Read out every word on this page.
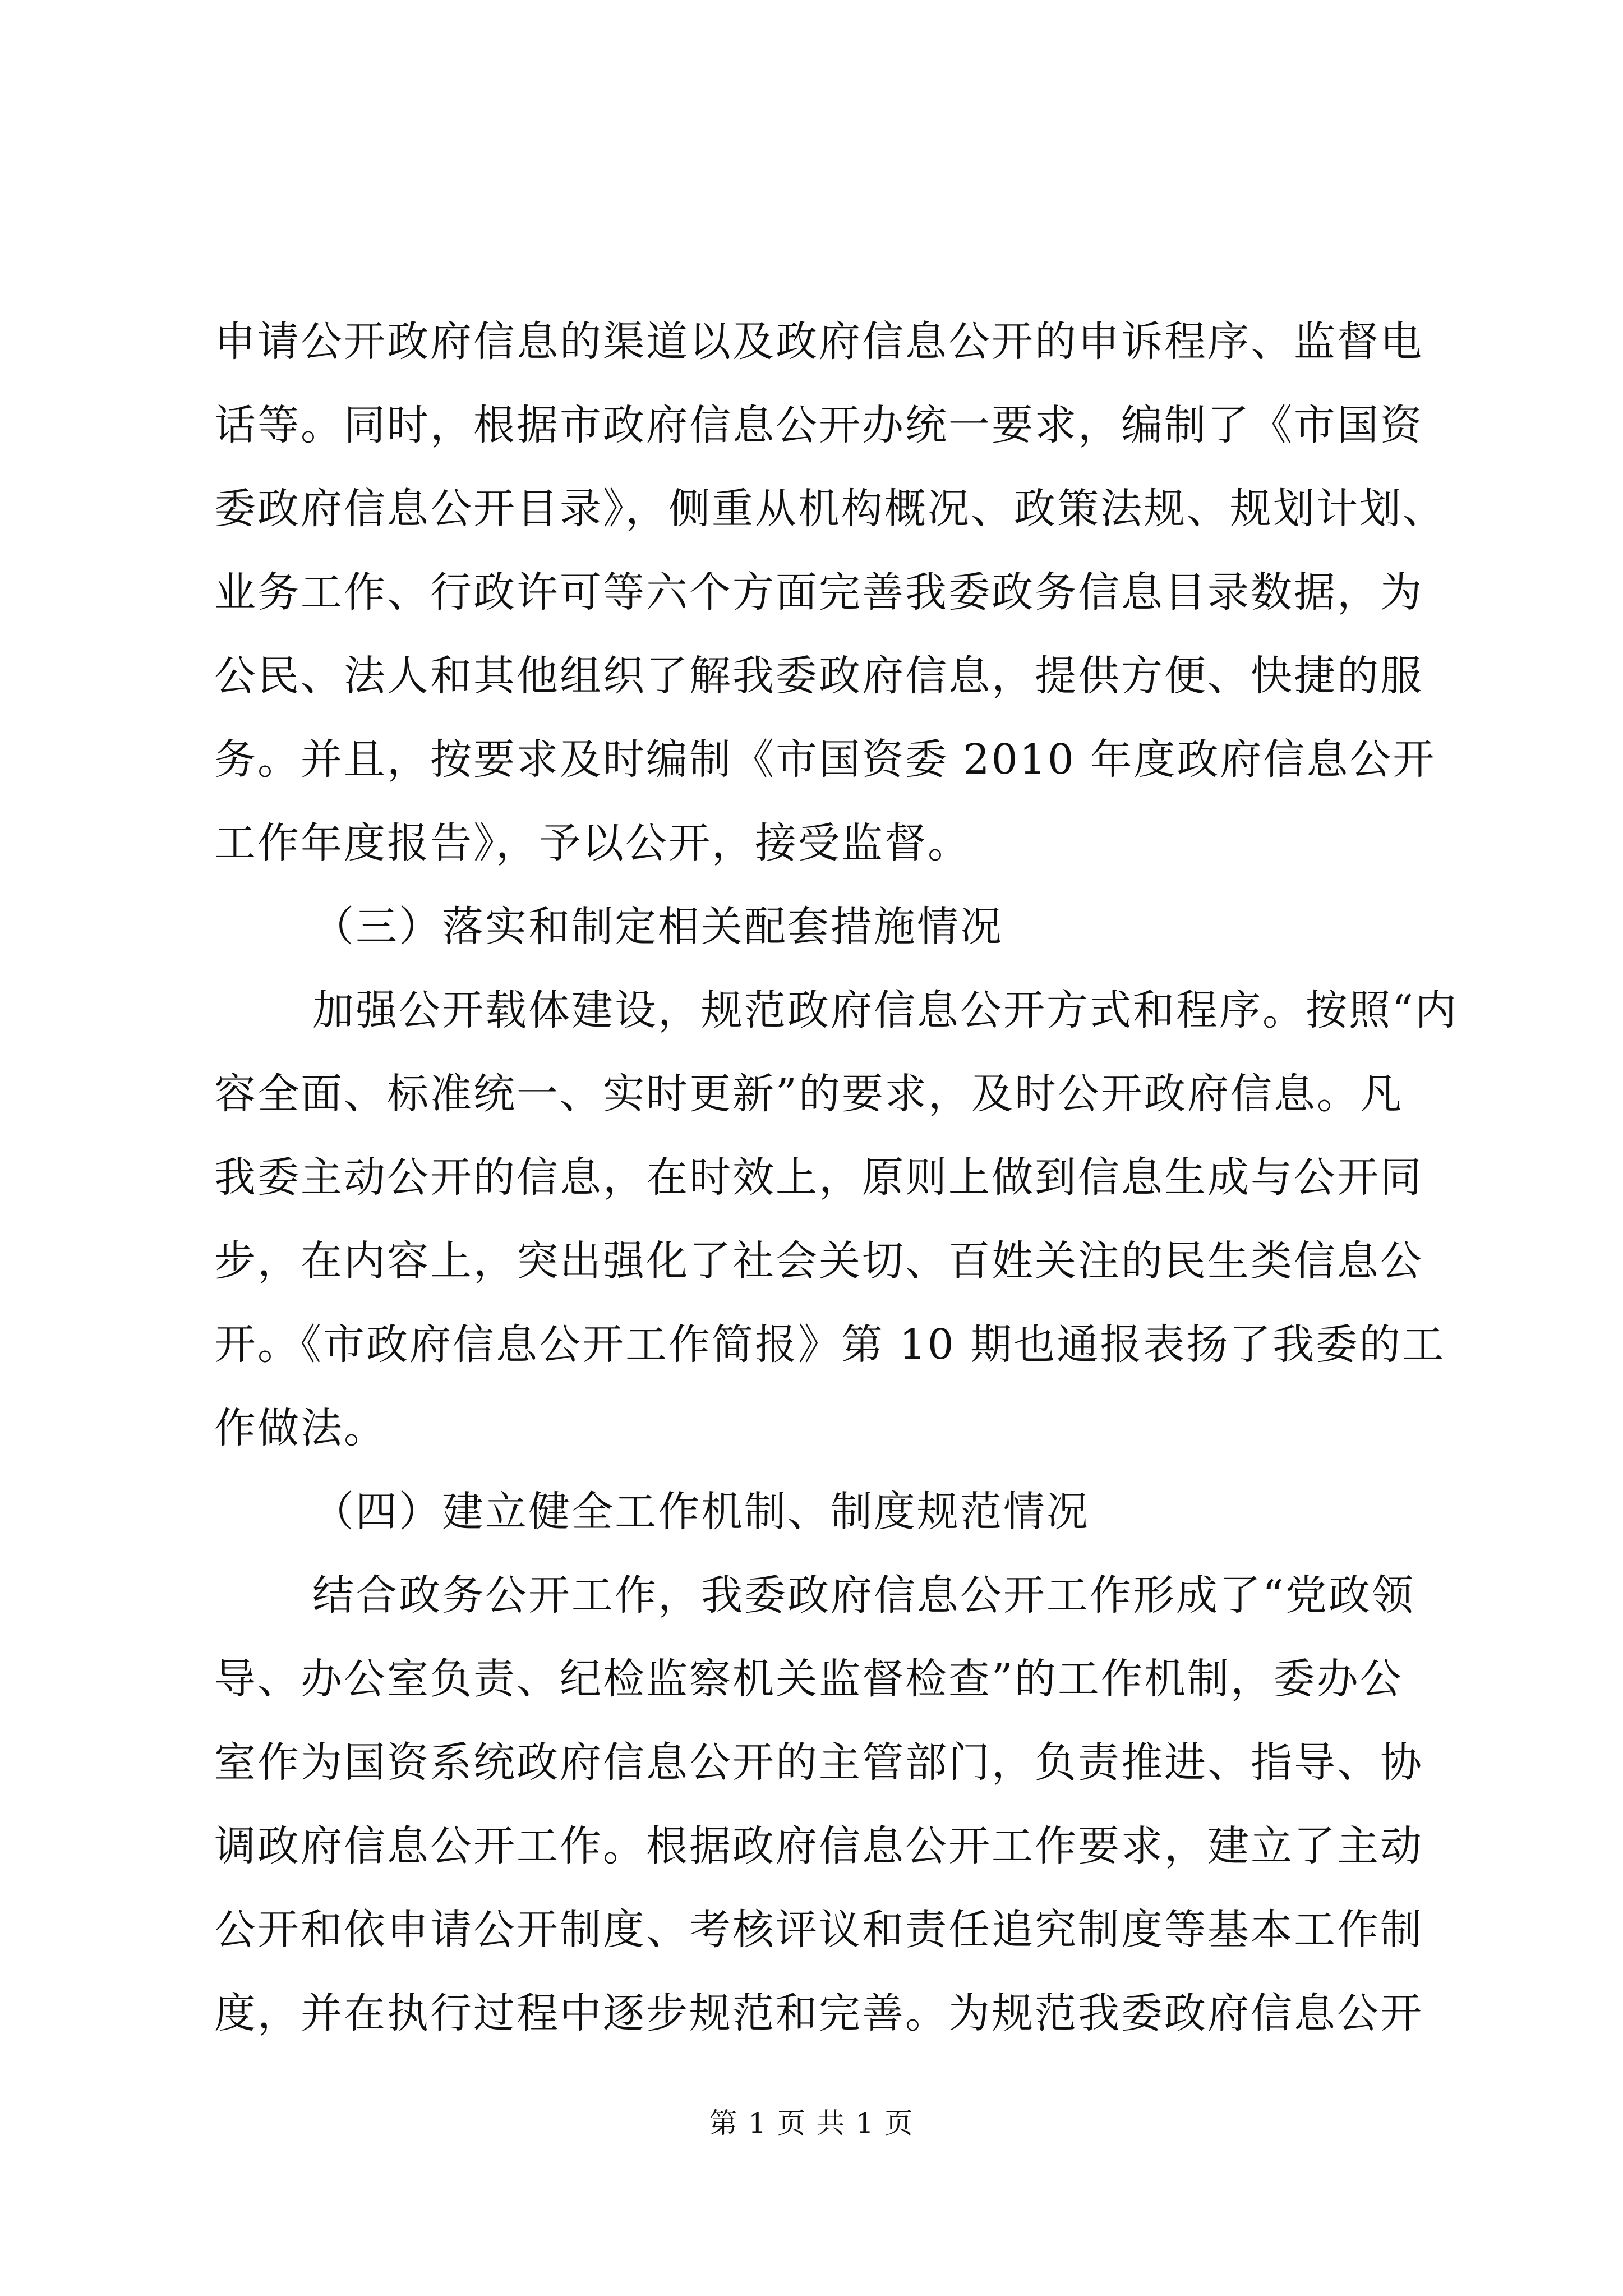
申请公开政府信息的渠道以及政府信息公开的申诉程序、监督电
话等。同时，根据市政府信息公开办统一要求，编制了《市国资
委政府信息公开目录》，侧重从机构概况、政策法规、规划计划、
业务工作、行政许可等六个方面完善我委政务信息目录数据，为
公民、法人和其他组织了解我委政府信息，提供方便、快捷的服
务。并且，按要求及时编制《市国资委 2010 年度政府信息公开
工作年度报告》，予以公开，接受监督。
（三）落实和制定相关配套措施情况
加强公开载体建设，规范政府信息公开方式和程序。按照“内
容全面、标准统一、实时更新”的要求，及时公开政府信息。凡
我委主动公开的信息，在时效上，原则上做到信息生成与公开同
步，在内容上，突出强化了社会关切、百姓关注的民生类信息公
开。《市政府信息公开工作简报》第 10 期也通报表扬了我委的工
作做法。
（四）建立健全工作机制、制度规范情况
结合政务公开工作，我委政府信息公开工作形成了“党政领
导、办公室负责、纪检监察机关监督检查”的工作机制，委办公
室作为国资系统政府信息公开的主管部门，负责推进、指导、协
调政府信息公开工作。根据政府信息公开工作要求，建立了主动
公开和依申请公开制度、考核评议和责任追究制度等基本工作制
度，并在执行过程中逐步规范和完善。为规范我委政府信息公开
第 1 页 共 1 页
